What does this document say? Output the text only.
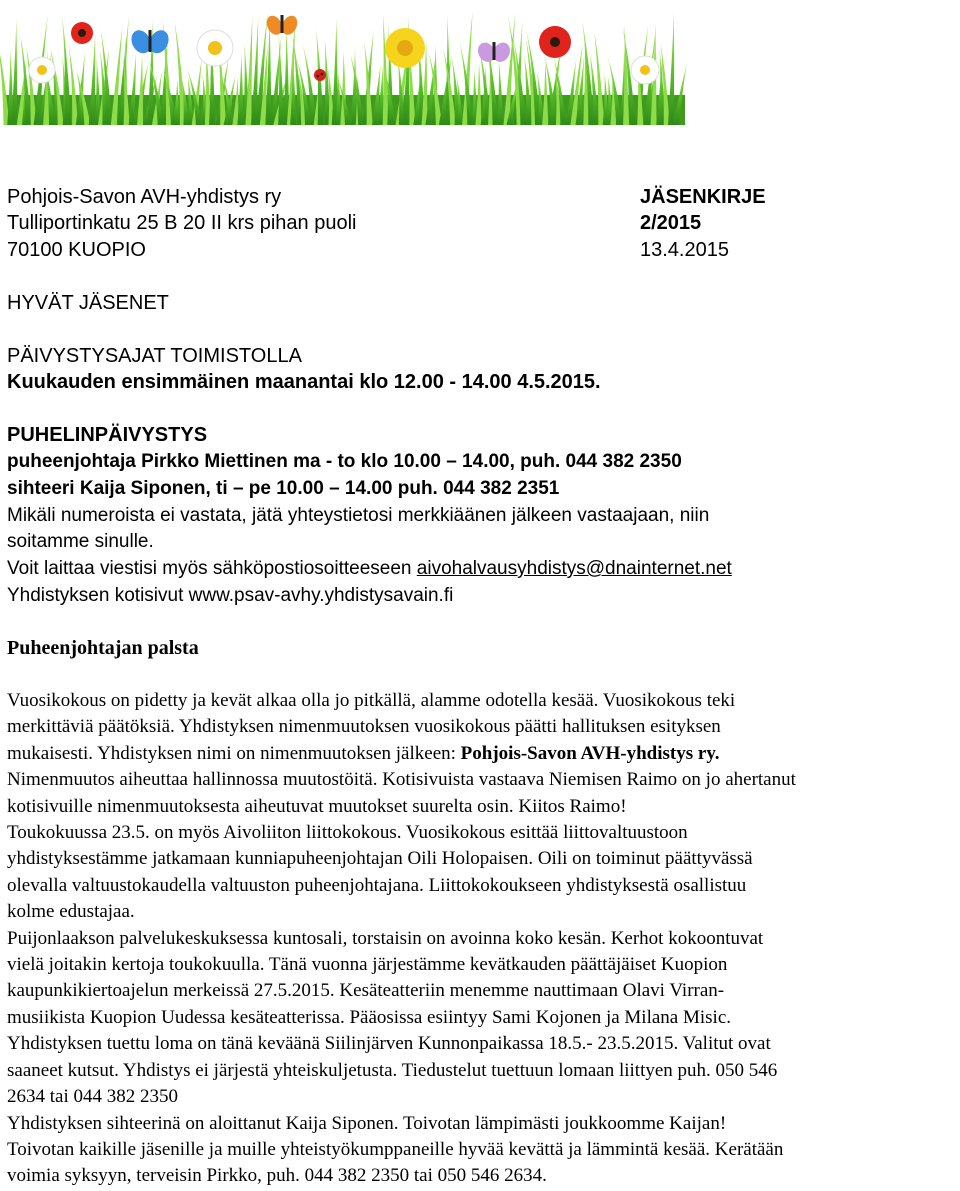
Pohjois-Savon AVH-yhdistys ry
Tulliportinkatu 25 B 20 II krs pihan puoli
70100 KUOPIO
JÄSENKIRJE
2/2015
13.4.2015
HYVÄT JÄSENET
PÄIVYSTYSAJAT TOIMISTOLLA
Kuukauden ensimmäinen maanantai klo 12.00 - 14.00 4.5.2015.
PUHELINPÄIVYSTYS
puheenjohtaja Pirkko Miettinen ma - to klo 10.00 – 14.00, puh. 044 382 2350
sihteeri Kaija Siponen, ti – pe 10.00 – 14.00 puh. 044 382 2351
Mikäli numeroista ei vastata, jätä yhteystietosi merkkiäänen jälkeen vastaajaan, niin
soitamme sinulle.
Voit laittaa viestisi myös sähköpostiosoitteeseen aivohalvausyhdistys@dnainternet.net
Yhdistyksen kotisivut www.psav-avhy.yhdistysavain.fi
Puheenjohtajan palsta
Vuosikokous on pidetty ja kevät alkaa olla jo pitkällä, alamme odotella kesää. Vuosikokous teki
merkittäviä päätöksiä. Yhdistyksen nimenmuutoksen vuosikokous päätti hallituksen esityksen
mukaisesti. Yhdistyksen nimi on nimenmuutoksen jälkeen: Pohjois-Savon AVH-yhdistys ry.
Nimenmuutos aiheuttaa hallinnossa muutostöitä. Kotisivuista vastaava Niemisen Raimo on jo ahertanut
kotisivuille nimenmuutoksesta aiheutuvat muutokset suurelta osin. Kiitos Raimo!
Toukokuussa 23.5. on myös Aivoliiton liittokokous. Vuosikokous esittää liittovaltuustoon
yhdistyksestämme jatkamaan kunniapuheenjohtajan Oili Holopaisen. Oili on toiminut päättyvässä
olevalla valtuustokaudella valtuuston puheenjohtajana. Liittokokoukseen yhdistyksestä osallistuu
kolme edustajaa.
Puijonlaakson palvelukeskuksessa kuntosali, torstaisin on avoinna koko kesän. Kerhot kokoontuvat
vielä joitakin kertoja toukokuulla. Tänä vuonna järjestämme kevätkauden päättäjäiset Kuopion
kaupunkikiertoajelun merkeissä 27.5.2015. Kesäteatteriin menemme nauttimaan Olavi Virran-
musiikista Kuopion Uudessa kesäteatterissa. Pääosissa esiintyy Sami Kojonen ja Milana Misic.
Yhdistyksen tuettu loma on tänä keväänä Siilinjärven Kunnonpaikassa 18.5.- 23.5.2015. Valitut ovat
saaneet kutsut. Yhdistys ei järjestä yhteiskuljetusta. Tiedustelut tuettuun lomaan liittyen puh. 050 546
2634 tai 044 382 2350
Yhdistyksen sihteerinä on aloittanut Kaija Siponen. Toivotan lämpimästi joukkoomme Kaijan!
Toivotan kaikille jäsenille ja muille yhteistyökumppaneille hyvää kevättä ja lämmintä kesää. Kerätään
voimia syksyyn, terveisin Pirkko, puh. 044 382 2350 tai 050 546 2634.
